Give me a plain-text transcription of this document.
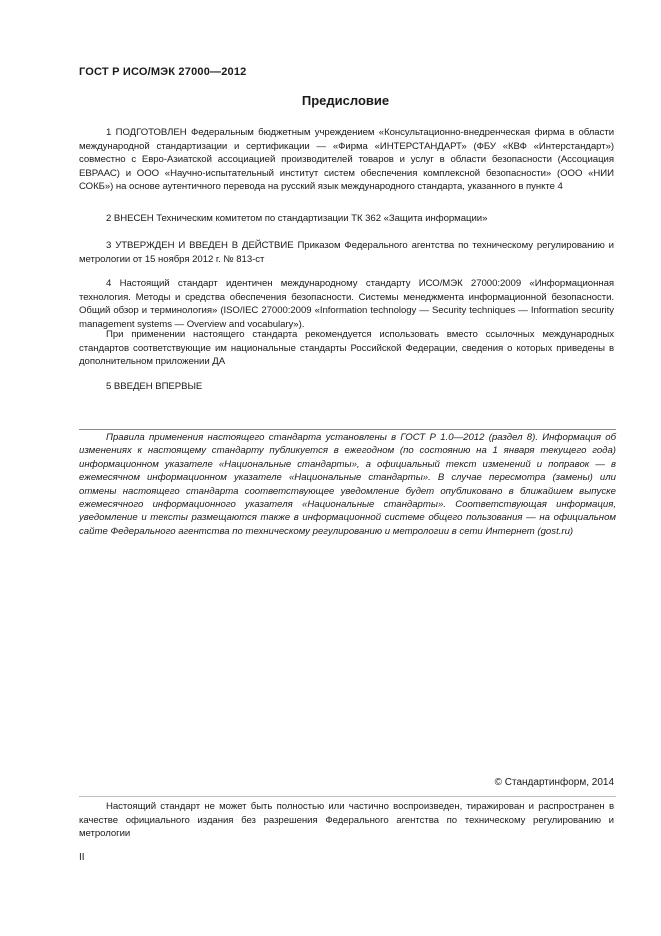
ГОСТ Р ИСО/МЭК 27000—2012
Предисловие

1 ПОДГОТОВЛЕН Федеральным бюджетным учреждением «Консультационно-внедренческая фирма в области международной стандартизации и сертификации — «Фирма «ИНТЕРСТАНДАРТ» (ФБУ «КВФ «Интерстандарт») совместно с Евро-Азиатской ассоциацией производителей товаров и услуг в области безопасности (Ассоциация ЕВРААС) и ООО «Научно-испытательный институт систем обеспечения комплексной безопасности» (ООО «НИИ СОКБ») на основе аутентичного перевода на русский язык международного стандарта, указанного в пункте 4

2 ВНЕСЕН Техническим комитетом по стандартизации ТК 362 «Защита информации»

3 УТВЕРЖДЕН И ВВЕДЕН В ДЕЙСТВИЕ Приказом Федерального агентства по техническому регулированию и метрологии от 15 ноября 2012 г. № 813-ст

4 Настоящий стандарт идентичен международному стандарту ИСО/МЭК 27000:2009 «Информационная технология. Методы и средства обеспечения безопасности. Системы менеджмента информационной безопасности. Общий обзор и терминология» (ISO/IEC 27000:2009 «Information technology — Security techniques — Information security management systems — Overview and vocabulary»).

При применении настоящего стандарта рекомендуется использовать вместо ссылочных международных стандартов соответствующие им национальные стандарты Российской Федерации, сведения о которых приведены в дополнительном приложении ДА

5 ВВЕДЕН ВПЕРВЫЕ

Правила применения настоящего стандарта установлены в ГОСТ Р 1.0—2012 (раздел 8). Информация об изменениях к настоящему стандарту публикуется в ежегодном (по состоянию на 1 января текущего года) информационном указателе «Национальные стандарты», а официальный текст изменений и поправок — в ежемесячном информационном указателе «Национальные стандарты». В случае пересмотра (замены) или отмены настоящего стандарта соответствующее уведомление будет опубликовано в ближайшем выпуске ежемесячного информационного указателя «Национальные стандарты». Соответствующая информация, уведомление и тексты размещаются также в информационной системе общего пользования — на официальном сайте Федерального агентства по техническому регулированию и метрологии в сети Интернет (gost.ru)

© Стандартинформ, 2014

Настоящий стандарт не может быть полностью или частично воспроизведен, тиражирован и распространен в качестве официального издания без разрешения Федерального агентства по техническому регулированию и метрологии

II
